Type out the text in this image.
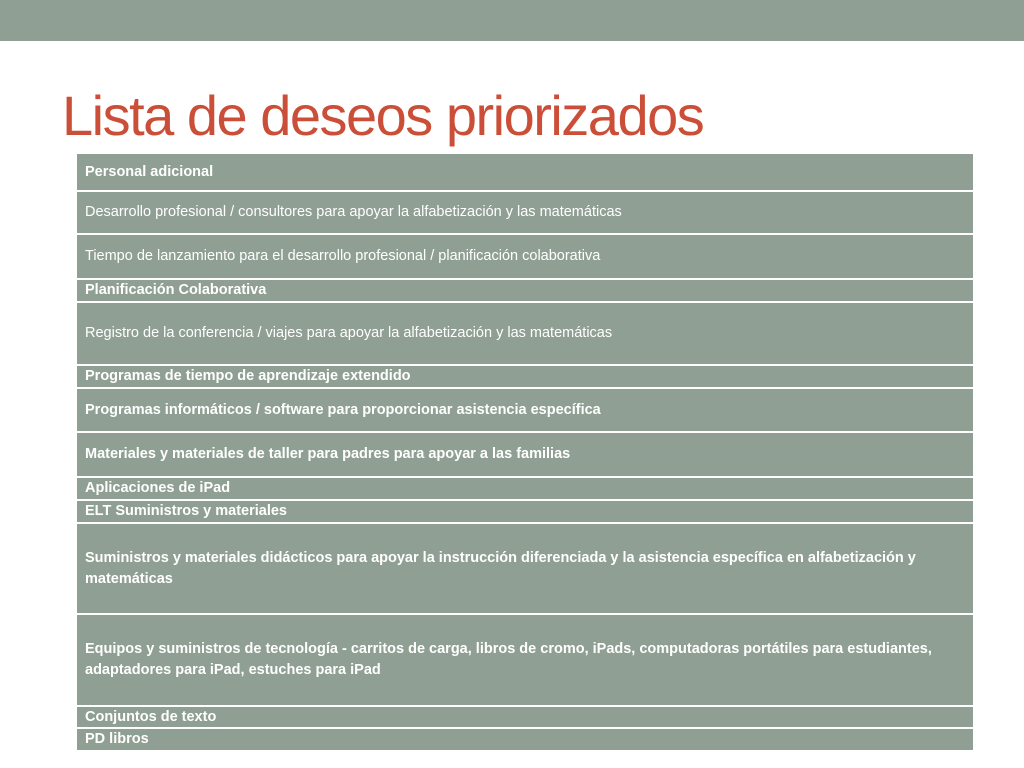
Lista de deseos priorizados
Personal adicional
Desarrollo profesional / consultores para apoyar la alfabetización y las matemáticas
Tiempo de lanzamiento para el desarrollo profesional / planificación colaborativa
Planificación Colaborativa
Registro de la conferencia / viajes para apoyar la alfabetización y las matemáticas
Programas de tiempo de aprendizaje extendido
Programas informáticos / software para proporcionar asistencia específica
Materiales y materiales de taller para padres para apoyar a las familias
Aplicaciones de iPad
ELT Suministros y materiales
Suministros y materiales didácticos para apoyar la instrucción diferenciada y la asistencia específica en alfabetización y matemáticas
Equipos y suministros de tecnología - carritos de carga, libros de cromo, iPads, computadoras portátiles para estudiantes, adaptadores para iPad, estuches para iPad
Conjuntos de texto
PD libros
